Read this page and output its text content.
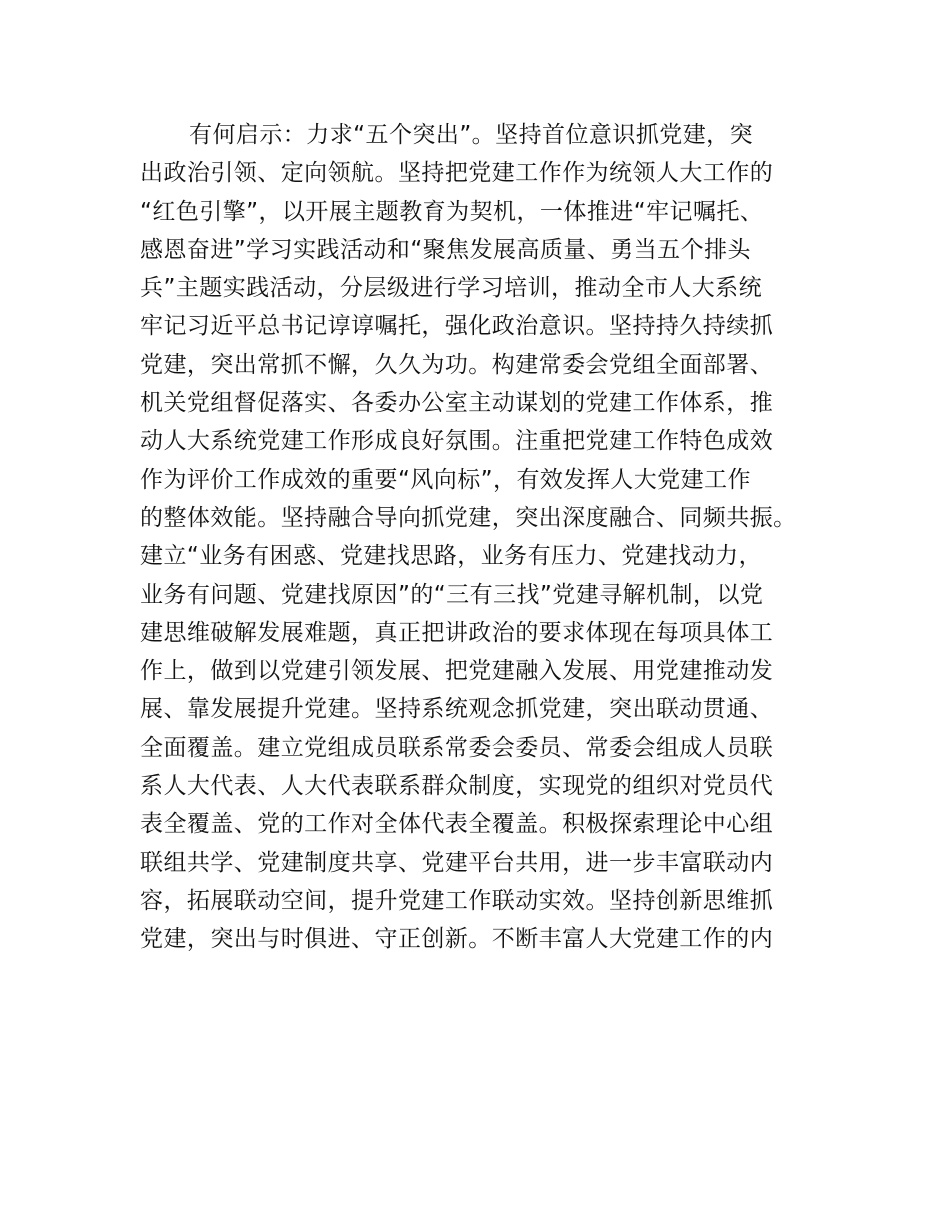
有何启示：力求“五个突出”。坚持首位意识抓党建，突
出政治引领、定向领航。坚持把党建工作作为统领人大工作的
“红色引擎”，以开展主题教育为契机，一体推进“牢记嘱托、
感恩奋进”学习实践活动和“聚焦发展高质量、勇当五个排头
兵”主题实践活动，分层级进行学习培训，推动全市人大系统
牢记习近平总书记谆谆嘱托，强化政治意识。坚持持久持续抓
党建，突出常抓不懈，久久为功。构建常委会党组全面部署、
机关党组督促落实、各委办公室主动谋划的党建工作体系，推
动人大系统党建工作形成良好氛围。注重把党建工作特色成效
作为评价工作成效的重要“风向标”，有效发挥人大党建工作
的整体效能。坚持融合导向抓党建，突出深度融合、同频共振。
建立“业务有困惑、党建找思路，业务有压力、党建找动力，
业务有问题、党建找原因”的“三有三找”党建寻解机制，以党
建思维破解发展难题，真正把讲政治的要求体现在每项具体工
作上，做到以党建引领发展、把党建融入发展、用党建推动发
展、靠发展提升党建。坚持系统观念抓党建，突出联动贯通、
全面覆盖。建立党组成员联系常委会委员、常委会组成人员联
系人大代表、人大代表联系群众制度，实现党的组织对党员代
表全覆盖、党的工作对全体代表全覆盖。积极探索理论中心组
联组共学、党建制度共享、党建平台共用，进一步丰富联动内
容，拓展联动空间，提升党建工作联动实效。坚持创新思维抓
党建，突出与时俱进、守正创新。不断丰富人大党建工作的内
